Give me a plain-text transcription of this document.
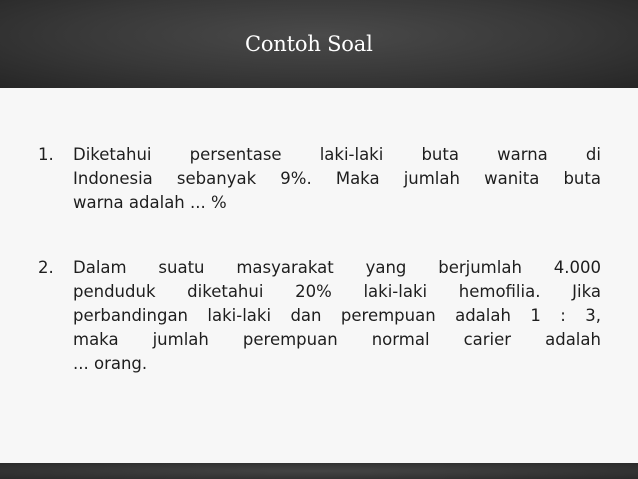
Contoh Soal
1.	Diketahui persentase laki-laki buta warna di
Indonesia sebanyak 9%. Maka jumlah wanita buta
warna adalah ... %
2.	Dalam suatu masyarakat yang berjumlah 4.000
penduduk diketahui 20% laki-laki hemofilia. Jika
perbandingan laki-laki dan perempuan adalah 1 : 3,
maka jumlah perempuan normal carier adalah
... orang.
